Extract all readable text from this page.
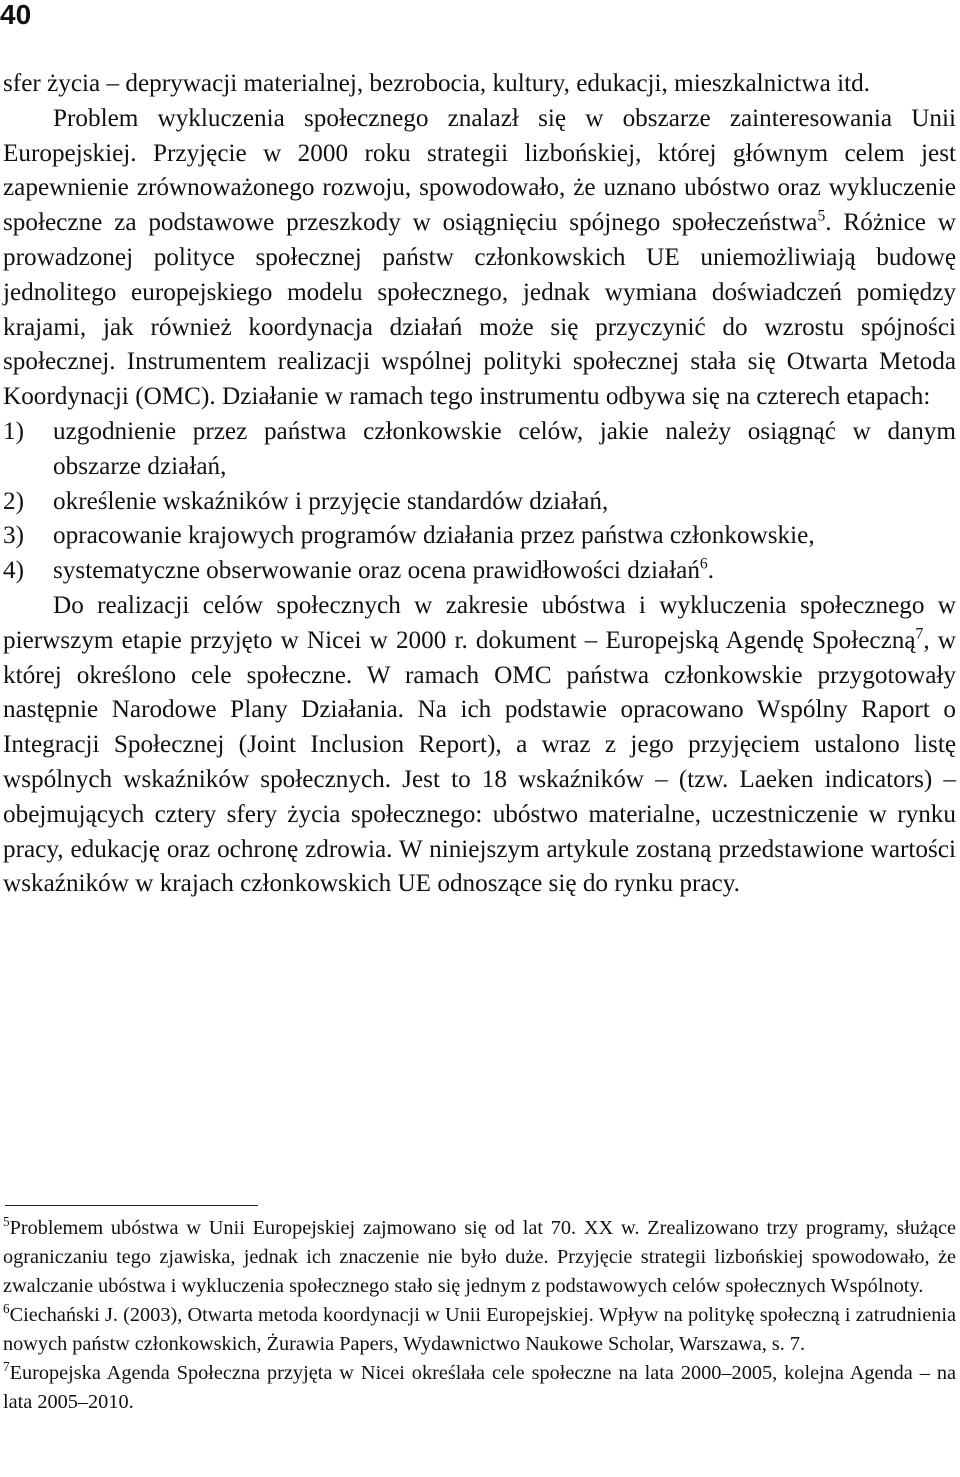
40

sfer życia – deprywacji materialnej, bezrobocia, kultury, edukacji, mieszkalnictwa itd.

Problem wykluczenia społecznego znalazł się w obszarze zainteresowania Unii Europejskiej. Przyjęcie w 2000 roku strategii lizbońskiej, której głównym celem jest zapewnienie zrównoważonego rozwoju, spowodowało, że uznano ubóstwo oraz wykluczenie społeczne za podstawowe przeszkody w osiągnięciu spójnego społeczeństwa$^5$. Różnice w prowadzonej polityce społecznej państw członkowskich UE uniemożliwiają budowę jednolitego europejskiego modelu społecznego, jednak wymiana doświadczeń pomiędzy krajami, jak również koordynacja działań może się przyczynić do wzrostu spójności społecznej. Instrumentem realizacji wspólnej polityki społecznej stała się Otwarta Metoda Koordynacji (OMC). Działanie w ramach tego instrumentu odbywa się na czterech etapach:

1) uzgodnienie przez państwa członkowskie celów, jakie należy osiągnąć w danym obszarze działań,
2) określenie wskaźników i przyjęcie standardów działań,
3) opracowanie krajowych programów działania przez państwa członkowskie,
4) systematyczne obserwowanie oraz ocena prawidłowości działań$^6$.

Do realizacji celów społecznych w zakresie ubóstwa i wykluczenia społecznego w pierwszym etapie przyjęto w Nicei w 2000 r. dokument – Europejską Agendę Społeczną$^7$, w której określono cele społeczne. W ramach OMC państwa członkowskie przygotowały następnie Narodowe Plany Działania. Na ich podstawie opracowano Wspólny Raport o Integracji Społecznej (Joint Inclusion Report), a wraz z jego przyjęciem ustalono listę wspólnych wskaźników społecznych. Jest to 18 wskaźników – (tzw. Laeken indicators) – obejmujących cztery sfery życia społecznego: ubóstwo materialne, uczestniczenie w rynku pracy, edukację oraz ochronę zdrowia. W niniejszym artykule zostaną przedstawione wartości wskaźników w krajach członkowskich UE odnoszące się do rynku pracy.

$^5$Problemem ubóstwa w Unii Europejskiej zajmowano się od lat 70. XX w. Zrealizowano trzy programy, służące ograniczaniu tego zjawiska, jednak ich znaczenie nie było duże. Przyjęcie strategii lizbońskiej spowodowało, że zwalczanie ubóstwa i wykluczenia społecznego stało się jednym z podstawowych celów społecznych Wspólnoty.

$^6$Ciechański J. (2003), Otwarta metoda koordynacji w Unii Europejskiej. Wpływ na politykę społeczną i zatrudnienia nowych państw członkowskich, Żurawia Papers, Wydawnictwo Naukowe Scholar, Warszawa, s. 7.

$^7$Europejska Agenda Społeczna przyjęta w Nicei określała cele społeczne na lata 2000–2005, kolejna Agenda – na lata 2005–2010.
